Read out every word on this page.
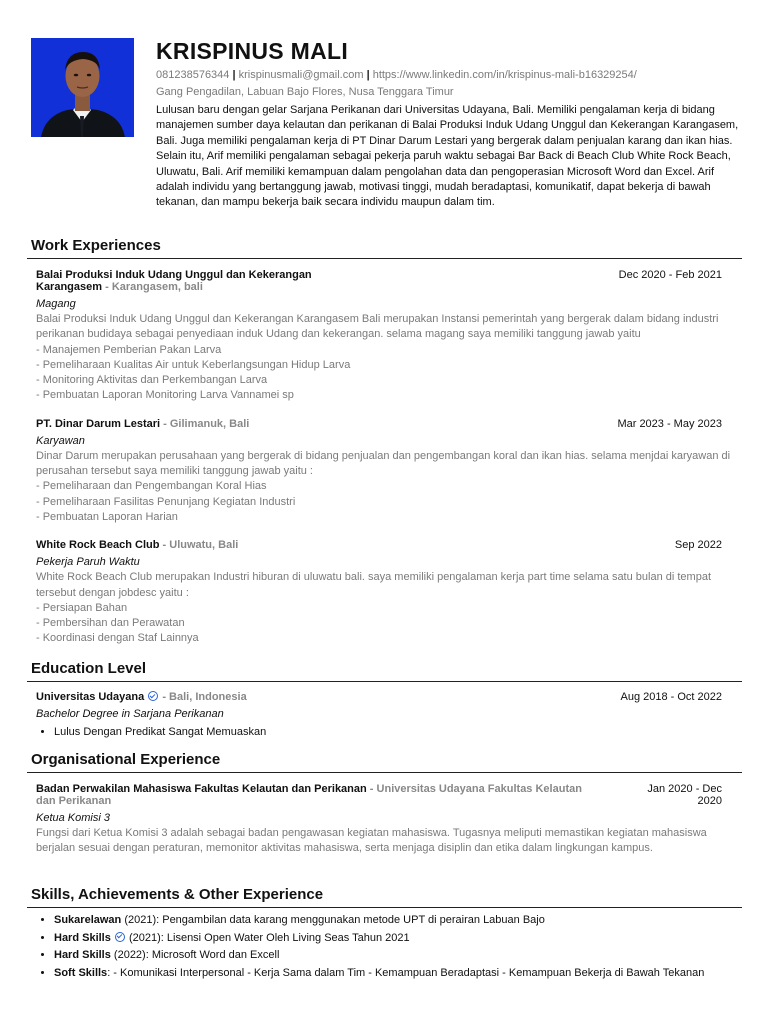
KRISPINUS MALI
081238576344 | krispinusmali@gmail.com | https://www.linkedin.com/in/krispinus-mali-b16329254/
Gang Pengadilan, Labuan Bajo Flores, Nusa Tenggara Timur
Lulusan baru dengan gelar Sarjana Perikanan dari Universitas Udayana, Bali. Memiliki pengalaman kerja di bidang manajemen sumber daya kelautan dan perikanan di Balai Produksi Induk Udang Unggul dan Kekerangan Karangasem, Bali. Juga memiliki pengalaman kerja di PT Dinar Darum Lestari yang bergerak dalam penjualan karang dan ikan hias. Selain itu, Arif memiliki pengalaman sebagai pekerja paruh waktu sebagai Bar Back di Beach Club White Rock Beach, Uluwatu, Bali. Arif memiliki kemampuan dalam pengolahan data dan pengoperasian Microsoft Word dan Excel. Arif adalah individu yang bertanggung jawab, motivasi tinggi, mudah beradaptasi, komunikatif, dapat bekerja di bawah tekanan, dan mampu bekerja baik secara individu maupun dalam tim.
Work Experiences
Balai Produksi Induk Udang Unggul dan Kekerangan
Karangasem - Karangasem, bali
Dec 2020 - Feb 2021
Magang
Balai Produksi Induk Udang Unggul dan Kekerangan Karangasem Bali merupakan Instansi pemerintah yang bergerak dalam bidang industri perikanan budidaya sebagai penyediaan induk Udang dan kekerangan. selama magang saya memiliki tanggung jawab yaitu
- Manajemen Pemberian Pakan Larva
- Pemeliharaan Kualitas Air untuk Keberlangsungan Hidup Larva
- Monitoring Aktivitas dan Perkembangan Larva
- Pembuatan Laporan Monitoring Larva Vannamei sp
PT. Dinar Darum Lestari - Gilimanuk, Bali	Mar 2023 - May 2023
Karyawan
Dinar Darum merupakan perusahaan yang bergerak di bidang penjualan dan pengembangan koral dan ikan hias. selama menjdai karyawan di perusahan tersebut saya memiliki tanggung jawab yaitu :
- Pemeliharaan dan Pengembangan Koral Hias
- Pemeliharaan Fasilitas Penunjang Kegiatan Industri
- Pembuatan Laporan Harian
White Rock Beach Club - Uluwatu, Bali	Sep 2022
Pekerja Paruh Waktu
White Rock Beach Club merupakan Industri hiburan di uluwatu bali. saya memiliki pengalaman kerja part time selama satu bulan di tempat tersebut dengan jobdesc yaitu :
- Persiapan Bahan
- Pembersihan dan Perawatan
- Koordinasi dengan Staf Lainnya
Education Level
Universitas Udayana  - Bali, Indonesia	Aug 2018 - Oct 2022
Bachelor Degree in Sarjana Perikanan
• Lulus Dengan Predikat Sangat Memuaskan
Organisational Experience
Badan Perwakilan Mahasiswa Fakultas Kelautan dan Perikanan - Universitas Udayana Fakultas Kelautan
dan Perikanan
Jan 2020 - Dec
2020
Ketua Komisi 3
Fungsi dari Ketua Komisi 3 adalah sebagai badan pengawasan kegiatan mahasiswa. Tugasnya meliputi memastikan kegiatan mahasiswa berjalan sesuai dengan peraturan, memonitor aktivitas mahasiswa, serta menjaga disiplin dan etika dalam lingkungan kampus.
Skills, Achievements & Other Experience
• Sukarelawan (2021): Pengambilan data karang menggunakan metode UPT di perairan Labuan Bajo
• Hard Skills  (2021): Lisensi Open Water Oleh Living Seas Tahun 2021
• Hard Skills (2022): Microsoft Word dan Excell
• Soft Skills: - Komunikasi Interpersonal - Kerja Sama dalam Tim - Kemampuan Beradaptasi - Kemampuan Bekerja di Bawah Tekanan
